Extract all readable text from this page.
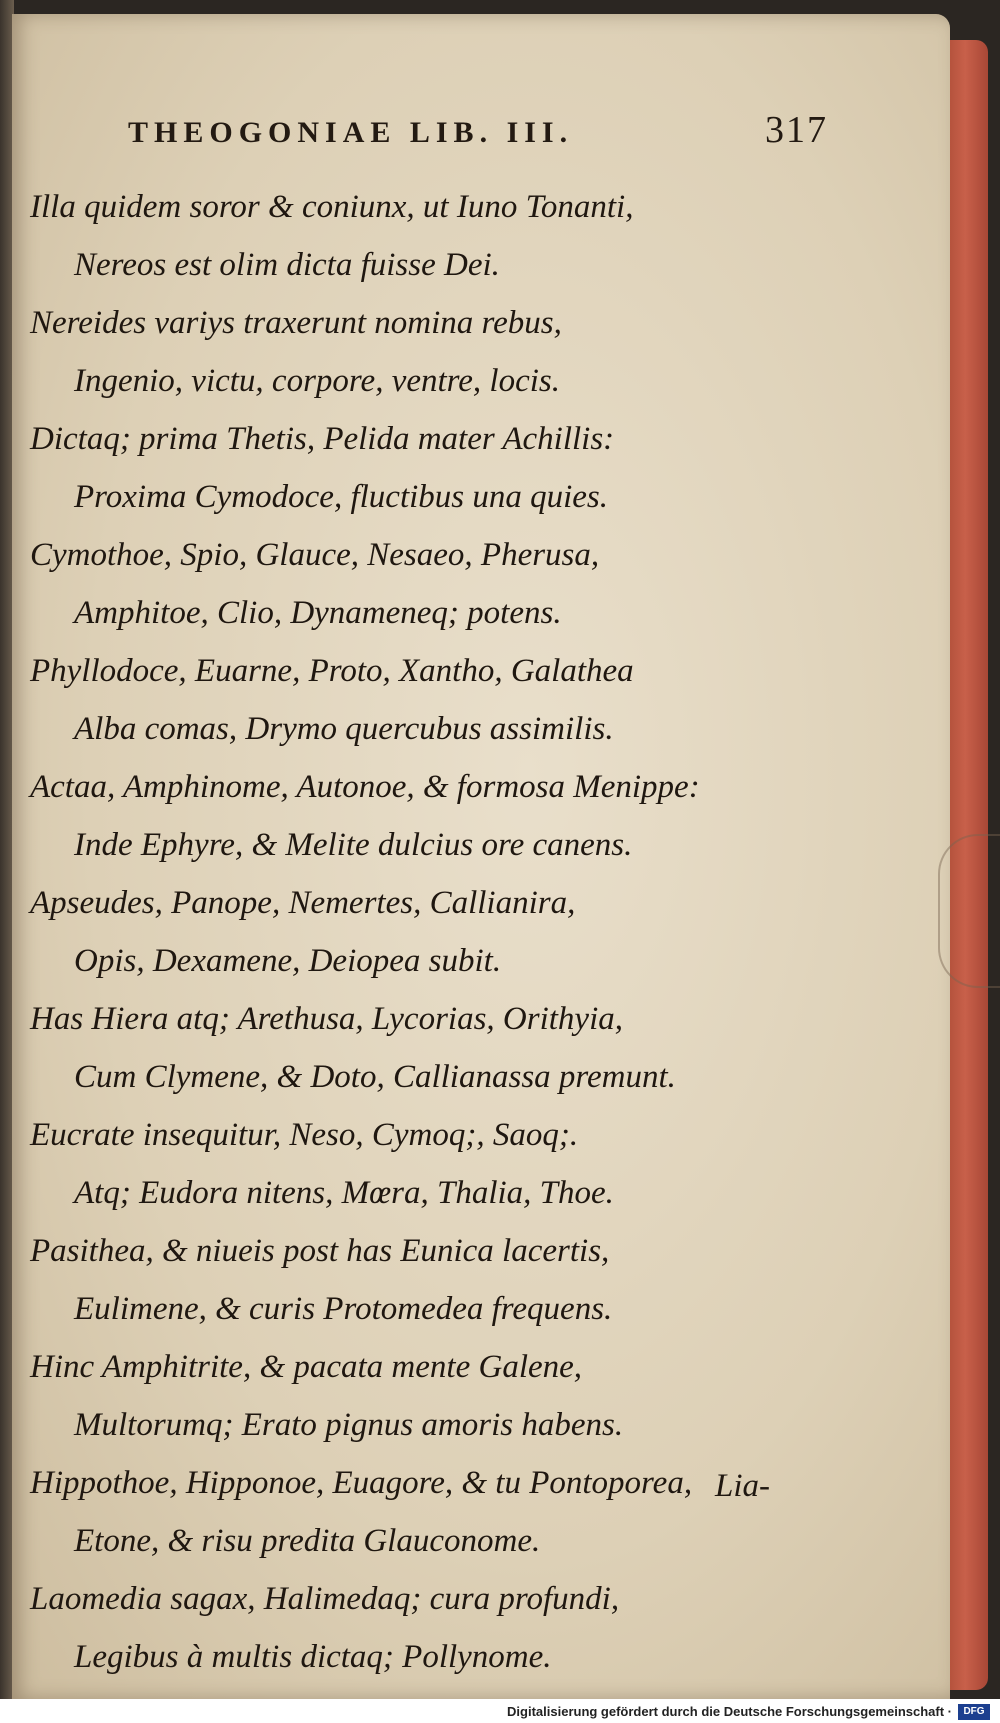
THEOGONIAE LIB. III.	317
Illa quidem soror & coniunx, ut Iuno Tonanti,
Nereos est olim dicta fuisse Dei.
Nereides variys traxerunt nomina rebus,
Ingenio, victu, corpore, ventre, locis.
Dictaq; prima Thetis, Pelida mater Achillis:
Proxima Cymodoce, fluctibus una quies.
Cymothoe, Spio, Glauce, Nesaeo, Pherusa,
Amphitoe, Clio, Dynameneq; potens.
Phyllodoce, Euarne, Proto, Xantho, Galathea
Alba comas, Drymo quercubus assimilis.
Actaa, Amphinome, Autonoe, & formosa Menippe:
Inde Ephyre, & Melite dulcius ore canens.
Apseudes, Panope, Nemertes, Callianira,
Opis, Dexamene, Deiopea subit.
Has Hiera atq; Arethusa, Lycorias, Orithyia,
Cum Clymene, & Doto, Callianassa premunt.
Eucrate insequitur, Neso, Cymoq;, Saoq;.
Atq; Eudora nitens, Mœra, Thalia, Thoe.
Pasithea, & niueis post has Eunica lacertis,
Eulimene, & curis Protomedea frequens.
Hinc Amphitrite, & pacata mente Galene,
Multorumq; Erato pignus amoris habens.
Hippothoe, Hipponoe, Euagore, & tu Pontoporea,
Etone, & risu predita Glauconome.
Laomedia sagax, Halimedaq; cura profundi,
Legibus à multis dictaq; Pollynome.
Lia-
Digitalisierung gefördert durch die Deutsche Forschungsgemeinschaft ·	DFG
